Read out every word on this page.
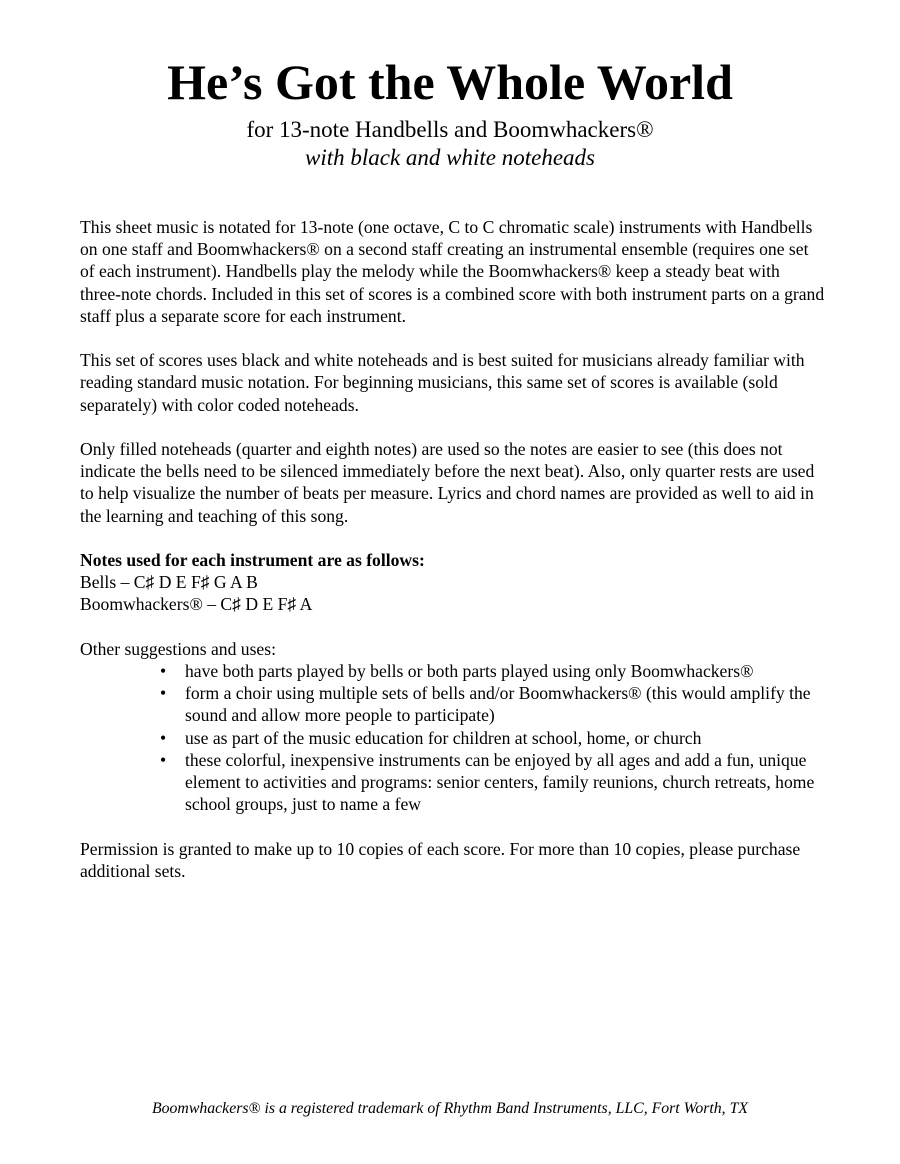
He’s Got the Whole World
for 13-note Handbells and Boomwhackers®
with black and white noteheads

This sheet music is notated for 13-note (one octave, C to C chromatic scale) instruments with Handbells on one staff and Boomwhackers® on a second staff creating an instrumental ensemble (requires one set of each instrument). Handbells play the melody while the Boomwhackers® keep a steady beat with three-note chords. Included in this set of scores is a combined score with both instrument parts on a grand staff plus a separate score for each instrument.

This set of scores uses black and white noteheads and is best suited for musicians already familiar with reading standard music notation. For beginning musicians, this same set of scores is available (sold separately) with color coded noteheads.

Only filled noteheads (quarter and eighth notes) are used so the notes are easier to see (this does not indicate the bells need to be silenced immediately before the next beat). Also, only quarter rests are used to help visualize the number of beats per measure. Lyrics and chord names are provided as well to aid in the learning and teaching of this song.

Notes used for each instrument are as follows:
Bells – C♯ D E F♯ G A B
Boomwhackers® – C♯ D E F♯ A

Other suggestions and uses:
• have both parts played by bells or both parts played using only Boomwhackers®
• form a choir using multiple sets of bells and/or Boomwhackers® (this would amplify the sound and allow more people to participate)
• use as part of the music education for children at school, home, or church
• these colorful, inexpensive instruments can be enjoyed by all ages and add a fun, unique element to activities and programs: senior centers, family reunions, church retreats, home school groups, just to name a few

Permission is granted to make up to 10 copies of each score. For more than 10 copies, please purchase additional sets.

Boomwhackers® is a registered trademark of Rhythm Band Instruments, LLC, Fort Worth, TX
